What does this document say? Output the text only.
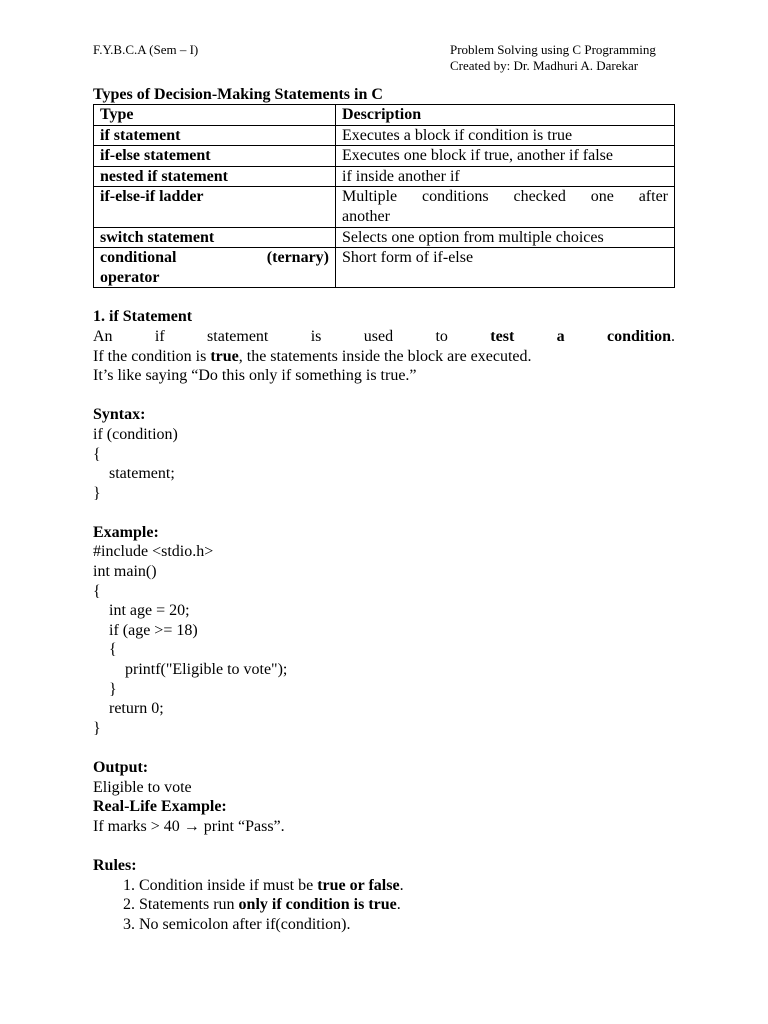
F.Y.B.C.A (Sem – I)	Problem Solving using C Programming
Created by: Dr. Madhuri A. Darekar

Types of Decision-Making Statements in C

Type	Description
if statement	Executes a block if condition is true
if-else statement	Executes one block if true, another if false
nested if statement	if inside another if
if-else-if ladder	Multiple conditions checked one after
another

switch statement	Selects one option from multiple choices

conditional (ternary)
operator	Short form of if-else

1. if Statement

An if statement is used to	test a condition.

If the condition is true, the statements inside the block are executed.

It’s like saying “Do this only if something is true.”

Syntax:

if (condition)

{

statement;

}

Example:

#include <stdio.h>

int main()

{

int age = 20;

if (age >= 18)

{

printf("Eligible to vote");

}

return 0;

}

Output:

Eligible to vote

Real-Life Example:

If marks > 40 → print “Pass”.

Rules:

1. Condition inside if must be true or false.
2. Statements run only if condition is true.
3. No semicolon after if(condition).
